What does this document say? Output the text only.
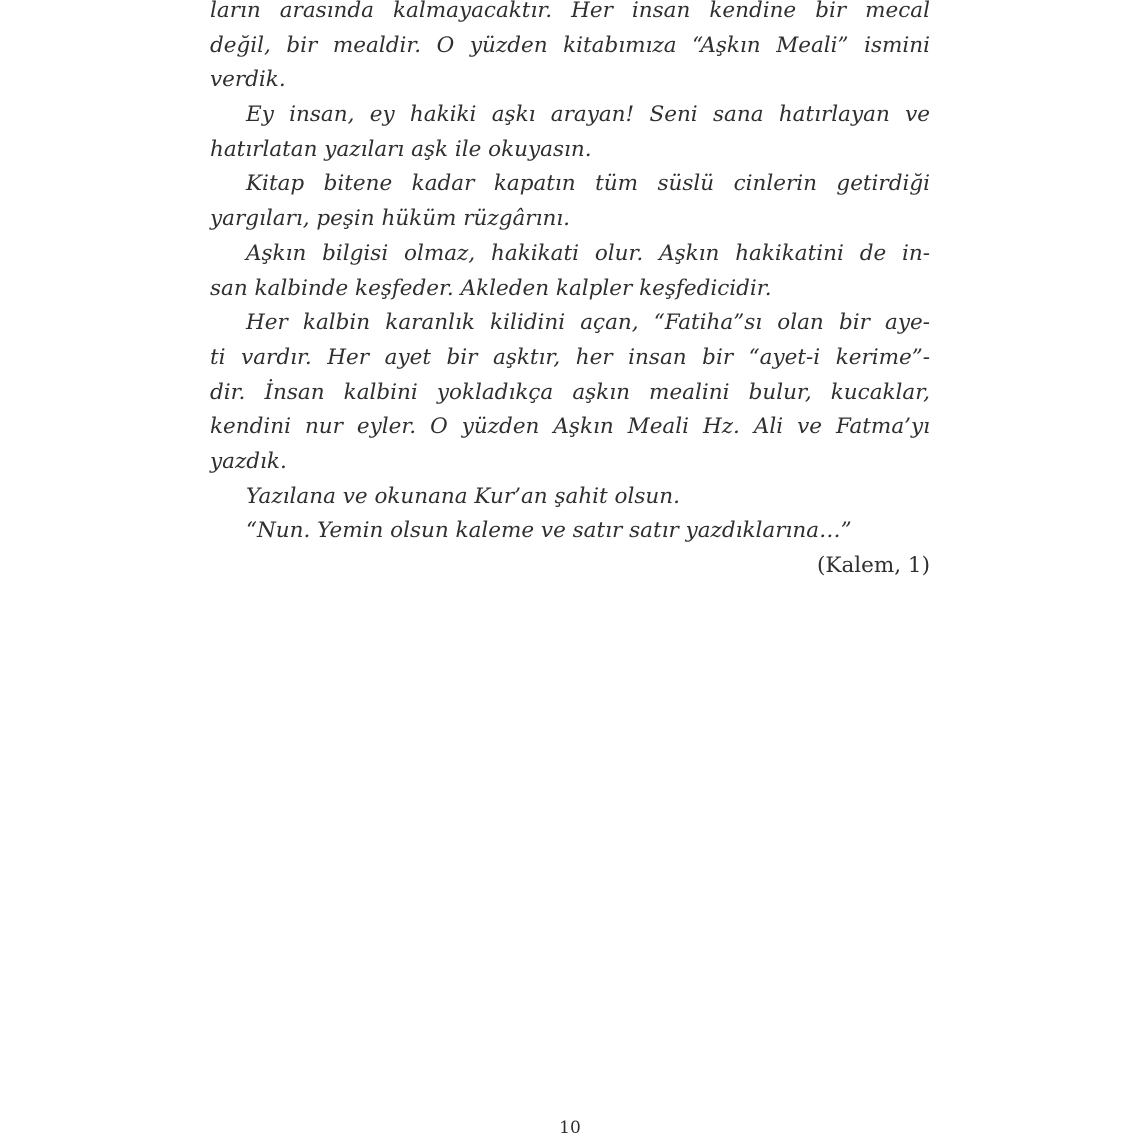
ların arasında kalmayacaktır. Her insan kendine bir mecal
değil, bir mealdir. O yüzden kitabımıza “Aşkın Meali” ismini
verdik.
Ey insan, ey hakiki aşkı arayan! Seni sana hatırlayan ve
hatırlatan yazıları aşk ile okuyasın.
Kitap bitene kadar kapatın tüm süslü cinlerin getirdiği
yargıları, peşin hüküm rüzgârını.
Aşkın bilgisi olmaz, hakikati olur. Aşkın hakikatini de in-
san kalbinde keşfeder. Akleden kalpler keşfedicidir.
Her kalbin karanlık kilidini açan, “Fatiha”sı olan bir aye-
ti vardır. Her ayet bir aşktır, her insan bir “ayet-i kerime”-
dir. İnsan kalbini yokladıkça aşkın mealini bulur, kucaklar,
kendini nur eyler. O yüzden Aşkın Meali Hz. Ali ve Fatma’yı
yazdık.
Yazılana ve okunana Kur’an şahit olsun.
“Nun. Yemin olsun kaleme ve satır satır yazdıklarına…”
(Kalem, 1)
10
